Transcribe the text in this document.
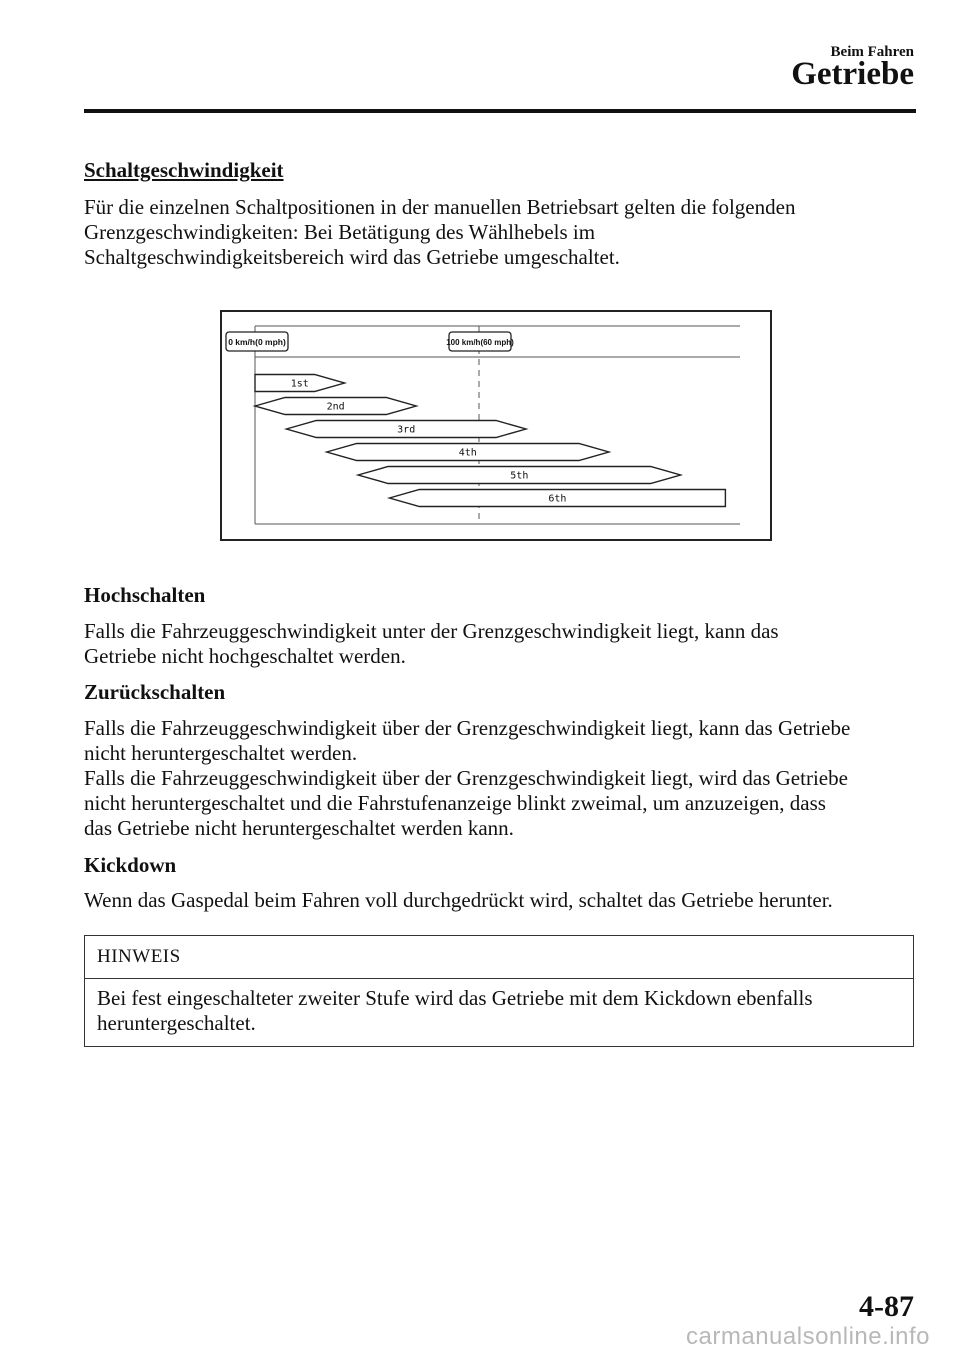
Beim Fahren
Getriebe
Schaltgeschwindigkeit
Für die einzelnen Schaltpositionen in der manuellen Betriebsart gelten die folgenden
Grenzgeschwindigkeiten: Bei Betätigung des Wählhebels im
Schaltgeschwindigkeitsbereich wird das Getriebe umgeschaltet.
0 km/h(0 mph)	100 km/h(60 mph)
1st
2nd
3rd
4th
5th
6th
Hochschalten
Falls die Fahrzeuggeschwindigkeit unter der Grenzgeschwindigkeit liegt, kann das
Getriebe nicht hochgeschaltet werden.
Zurückschalten
Falls die Fahrzeuggeschwindigkeit über der Grenzgeschwindigkeit liegt, kann das Getriebe
nicht heruntergeschaltet werden.
Falls die Fahrzeuggeschwindigkeit über der Grenzgeschwindigkeit liegt, wird das Getriebe
nicht heruntergeschaltet und die Fahrstufenanzeige blinkt zweimal, um anzuzeigen, dass
das Getriebe nicht heruntergeschaltet werden kann.
Kickdown
Wenn das Gaspedal beim Fahren voll durchgedrückt wird, schaltet das Getriebe herunter.
HINWEIS
Bei fest eingeschalteter zweiter Stufe wird das Getriebe mit dem Kickdown ebenfalls
heruntergeschaltet.
4-87
carmanualsonline.info
